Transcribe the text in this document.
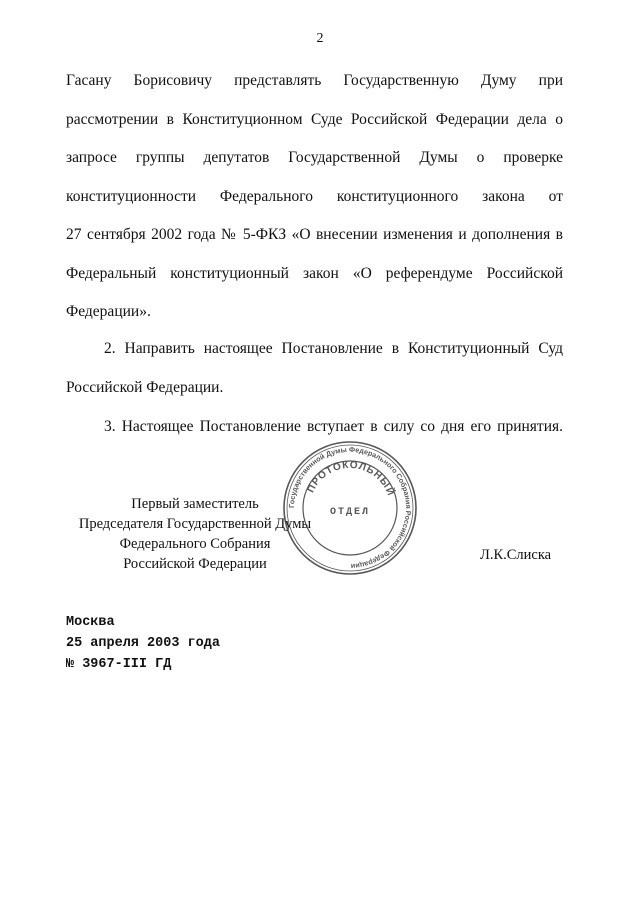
2
Гасану Борисовичу представлять Государственную Думу при
рассмотрении в Конституционном Суде Российской Федерации дела о
запросе группы депутатов Государственной Думы о проверке
конституционности Федерального конституционного закона от
27 сентября 2002 года № 5-ФКЗ «О внесении изменения и дополнения в
Федеральный конституционный закон «О референдуме Российской
Федерации».
2. Направить настоящее Постановление в Конституционный Суд
Российской Федерации.
3. Настоящее Постановление вступает в силу со дня его принятия.
Первый заместитель
Председателя Государственной Думы
Федерального Собрания
Российской Федерации
Государственной Думы Федерального Собрания Российской Федерации
ПРОТОКОЛЬНЫЙ
ОТДЕЛ
Л.К.Слиска
Москва
25 апреля 2003 года
№ 3967-III ГД
